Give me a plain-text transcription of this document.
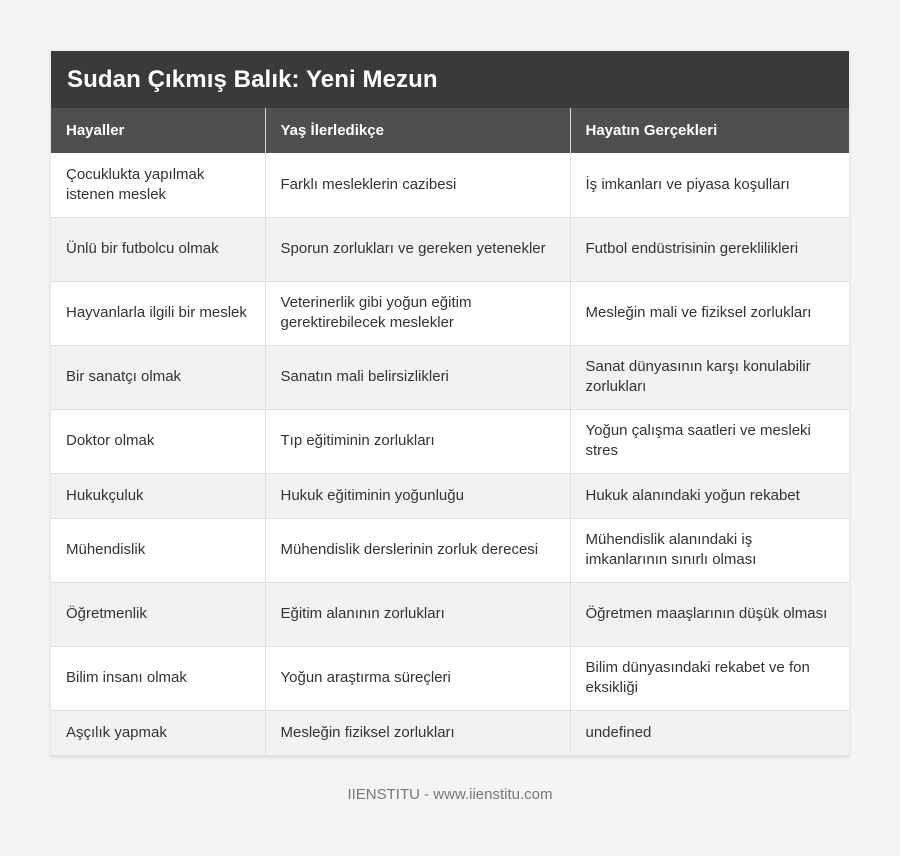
Sudan Çıkmış Balık: Yeni Mezun
Hayaller	Yaş İlerledikçe	Hayatın Gerçekleri
Çocuklukta yapılmak istenen meslek	Farklı mesleklerin cazibesi	İş imkanları ve piyasa koşulları
Ünlü bir futbolcu olmak	Sporun zorlukları ve gereken yetenekler	Futbol endüstrisinin gereklilikleri
Hayvanlarla ilgili bir meslek	Veterinerlik gibi yoğun eğitim gerektirebilecek meslekler	Mesleğin mali ve fiziksel zorlukları
Bir sanatçı olmak	Sanatın mali belirsizlikleri	Sanat dünyasının karşı konulabilir zorlukları
Doktor olmak	Tıp eğitiminin zorlukları	Yoğun çalışma saatleri ve mesleki stres
Hukukçuluk	Hukuk eğitiminin yoğunluğu	Hukuk alanındaki yoğun rekabet
Mühendislik	Mühendislik derslerinin zorluk derecesi	Mühendislik alanındaki iş imkanlarının sınırlı olması
Öğretmenlik	Eğitim alanının zorlukları	Öğretmen maaşlarının düşük olması
Bilim insanı olmak	Yoğun araştırma süreçleri	Bilim dünyasındaki rekabet ve fon eksikliği
Aşçılık yapmak	Mesleğin fiziksel zorlukları	undefined
IIENSTITU - www.iienstitu.com
